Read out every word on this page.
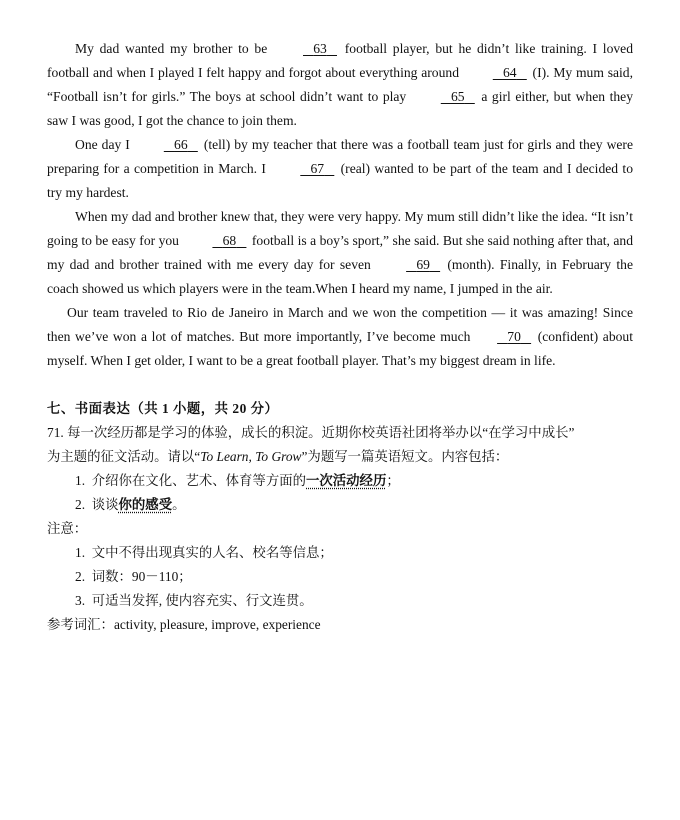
My dad wanted my brother to be	63    football player, but he didn’t like training. I loved football and when I played I felt happy and forgot about everything around	64    (I). My mum said, “Football isn’t for girls.” The boys at school didn’t want to play	65    a girl either, but when they saw I was good, I got the chance to join them.

One day I	66    (tell) by my teacher that there was a football team just for girls and they were preparing for a competition in March. I	67    (real) wanted to be part of the team and I decided to try my hardest.

When my dad and brother knew that, they were very happy. My mum still didn’t like the idea. “It isn’t going to be easy for you	68    football is a boy’s sport,” she said. But she said nothing after that, and my dad and brother trained with me every day for seven	69    (month). Finally, in February the coach showed us which players were in the team.When I heard my name, I jumped in the air.

Our team traveled to Rio de Janeiro in March and we won the competition — it was amazing! Since then we’ve won a lot of matches. But more importantly, I’ve become much    70    (confident) about myself. When I get older, I want to be a great football player. That’s my biggest dream in life.

七、书面表达（共 1 小题，共 20 分）
71. 每一次经历都是学习的体验，成长的积淀。近期你校英语社团将举办以“在学习中成长”
为主题的征文活动。请以“To Learn, To Grow”为题写一篇英语短文。内容包括：
1. 介绍你在文化、艺术、体育等方面的一次活动经历；
2. 谈谈你的感受。
注意：
1. 文中不得出现真实的人名、校名等信息；
2. 词数：90－110；
3. 可适当发挥, 使内容充实、行文连贯。
参考词汇：activity, pleasure, improve, experience
